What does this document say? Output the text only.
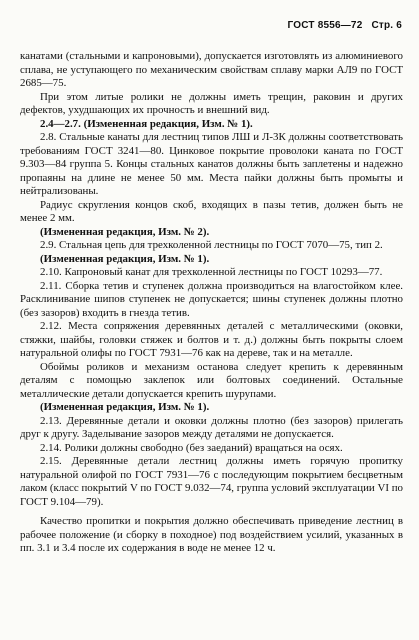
ГОСТ 8556—72 Стр. 6

канатами (стальными и капроновыми), допускается изготовлять из алюминиевого сплава, не уступающего по механическим свойствам сплаву марки АЛ9 по ГОСТ 2685—75.

При этом литые ролики не должны иметь трещин, раковин и других дефектов, ухудшающих их прочность и внешний вид.

2.4—2.7. (Измененная редакция, Изм. № 1).

2.8. Стальные канаты для лестниц типов ЛШ и Л-3К должны соответствовать требованиям ГОСТ 3241—80. Цинковое покрытие проволоки каната по ГОСТ 9.303—84 группа 5. Концы стальных канатов должны быть заплетены и надежно пропаяны на длине не менее 50 мм. Места пайки должны быть промыты и нейтрализованы.

Радиус скругления концов скоб, входящих в пазы тетив, должен быть не менее 2 мм.

(Измененная редакция, Изм. № 2).

2.9. Стальная цепь для трехколенной лестницы по ГОСТ 7070—75, тип 2.

(Измененная редакция, Изм. № 1).

2.10. Капроновый канат для трехколенной лестницы по ГОСТ 10293—77.

2.11. Сборка тетив и ступенек должна производиться на влагостойком клее. Расклинивание шипов ступенек не допускается; шины ступенек должны плотно (без зазоров) входить в гнезда тетив.

2.12. Места сопряжения деревянных деталей с металлическими (оковки, стяжки, шайбы, головки стяжек и болтов и т. д.) должны быть покрыты слоем натуральной олифы по ГОСТ 7931—76 как на дереве, так и на металле.

Обоймы роликов и механизм останова следует крепить к деревянным деталям с помощью заклепок или болтовых соединений. Остальные металлические детали допускается крепить шурупами.

(Измененная редакция, Изм. № 1).

2.13. Деревянные детали и оковки должны плотно (без зазоров) прилегать друг к другу. Заделывание зазоров между деталями не допускается.

2.14. Ролики должны свободно (без заеданий) вращаться на осях.

2.15. Деревянные детали лестниц должны иметь горячую пропитку натуральной олифой по ГОСТ 7931—76 с последующим покрытием бесцветным лаком (класс покрытий V по ГОСТ 9.032—74, группа условий эксплуатации VI по ГОСТ 9.104—79).

Качество пропитки и покрытия должно обеспечивать приведение лестниц в рабочее положение (и сборку в походное) под воздействием усилий, указанных в пп. 3.1 и 3.4 после их содержания в воде не менее 12 ч.
